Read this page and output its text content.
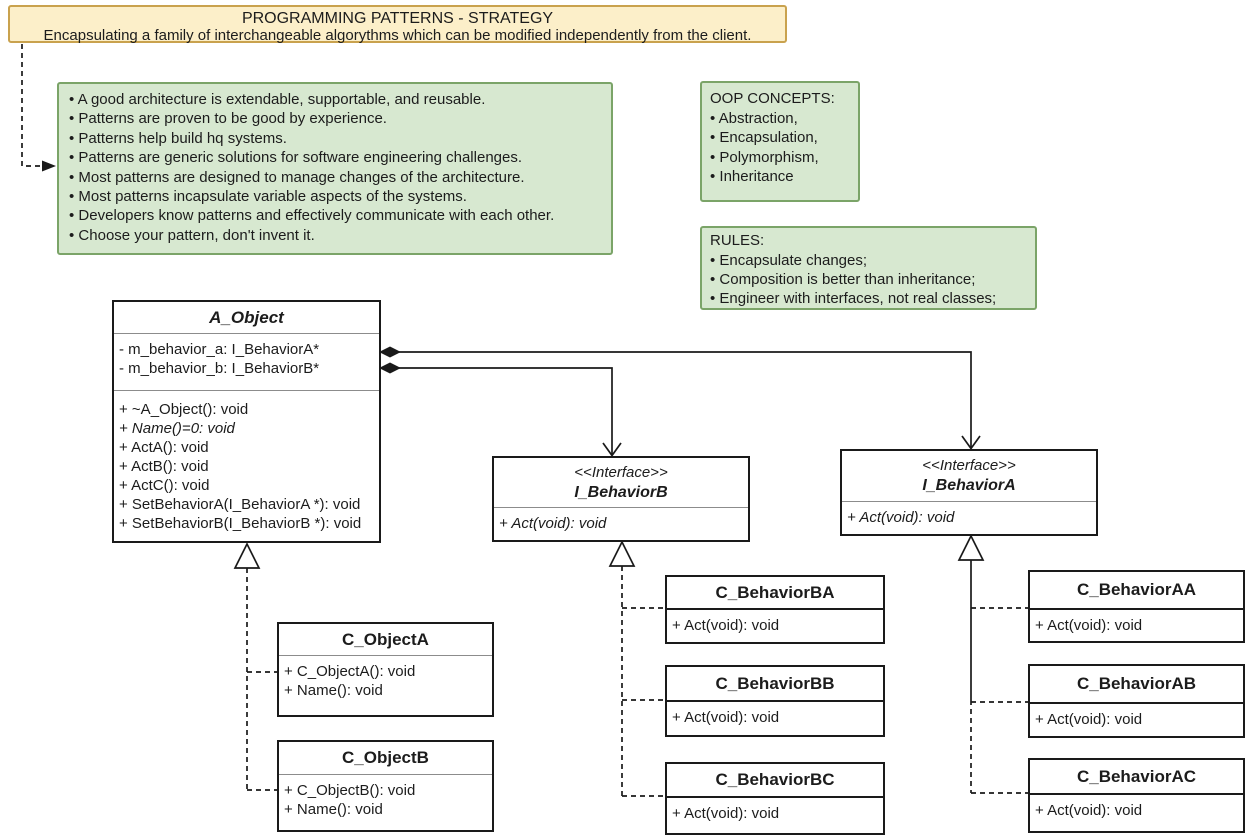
PROGRAMMING PATTERNS - STRATEGY
Encapsulating a family of interchangeable algorythms which can be modified independently from the client.
• A good architecture is extendable, supportable, and reusable.
• Patterns are proven to be good by experience.
• Patterns help build hq systems.
• Patterns are generic solutions for software engineering challenges.
• Most patterns are designed to manage changes of the architecture.
• Most patterns incapsulate variable aspects of the systems.
• Developers know patterns and effectively communicate with each other.
• Choose your pattern, don't invent it.
OOP CONCEPTS:
• Abstraction,
• Encapsulation,
• Polymorphism,
• Inheritance
RULES:
• Encapsulate changes;
• Composition is better than inheritance;
• Engineer with interfaces, not real classes;
A_Object
- m_behavior_a: I_BehaviorA*
- m_behavior_b: I_BehaviorB*
+ ~A_Object(): void
+ Name()=0: void
+ ActA(): void
+ ActB(): void
+ ActC(): void
+ SetBehaviorA(I_BehaviorA *): void
+ SetBehaviorB(I_BehaviorB *): void
<<Interface>>
I_BehaviorB
+ Act(void): void
<<Interface>>
I_BehaviorA
+ Act(void): void
C_ObjectA
+ C_ObjectA(): void
+ Name(): void
C_ObjectB
+ C_ObjectB(): void
+ Name(): void
C_BehaviorBA
+ Act(void): void
C_BehaviorBB
+ Act(void): void
C_BehaviorBC
+ Act(void): void
C_BehaviorAA
+ Act(void): void
C_BehaviorAB
+ Act(void): void
C_BehaviorAC
+ Act(void): void
